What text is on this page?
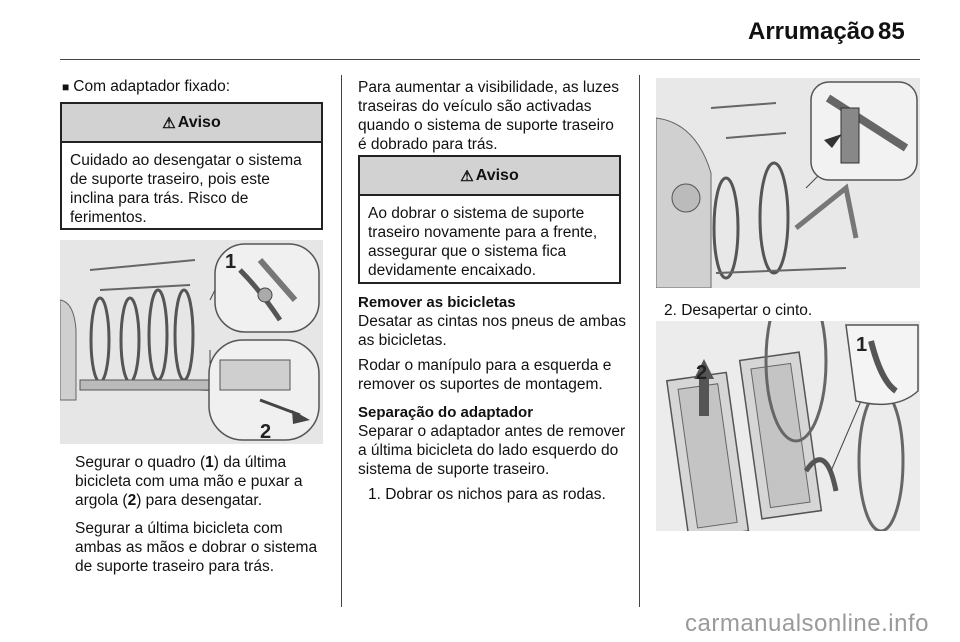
Arrumação 85
■ Com adaptador fixado:
⚠ Aviso
Cuidado ao desengatar o sistema de suporte traseiro, pois este inclina para trás. Risco de ferimentos.
1
2

Segurar o quadro (1) da última bicicleta com uma mão e puxar a argola (2) para desengatar.

Segurar a última bicicleta com ambas as mãos e dobrar o sistema de suporte traseiro para trás.

Para aumentar a visibilidade, as luzes traseiras do veículo são activadas quando o sistema de suporte traseiro é dobrado para trás.

⚠ Aviso
Ao dobrar o sistema de suporte traseiro novamente para a frente, assegurar que o sistema fica devidamente encaixado.
Remover as bicicletas

Desatar as cintas nos pneus de ambas as bicicletas.

Rodar o manípulo para a esquerda e remover os suportes de montagem.

Separação do adaptador

Separar o adaptador antes de remover a última bicicleta do lado esquerdo do sistema de suporte traseiro.

1. Dobrar os nichos para as rodas.

2. Desapertar o cinto.

1
2
carmanualsonline.info
